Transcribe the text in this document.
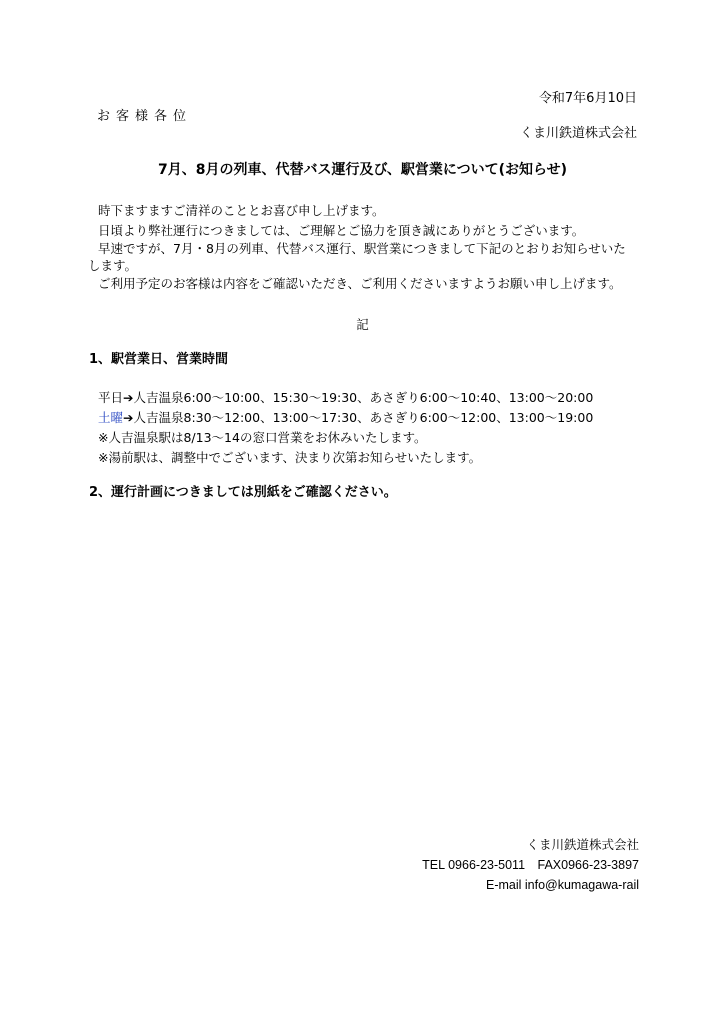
令和7年6月10日
お客様各位
くま川鉄道株式会社
7月、8月の列車、代替バス運行及び、駅営業について(お知らせ)
時下ますますご清祥のこととお喜び申し上げます。
日頃より弊社運行につきましては、ご理解とご協力を頂き誠にありがとうございます。
早速ですが、7月・8月の列車、代替バス運行、駅営業につきまして下記のとおりお知らせいた
します。
ご利用予定のお客様は内容をご確認いただき、ご利用くださいますようお願い申し上げます。
記
1、駅営業日、営業時間
平日➔人吉温泉6:00～10:00、15:30～19:30、あさぎり6:00～10:40、13:00～20:00
土曜➔人吉温泉8:30～12:00、13:00～17:30、あさぎり6:00～12:00、13:00～19:00
※人吉温泉駅は8/13～14の窓口営業をお休みいたします。
※湯前駅は、調整中でございます、決まり次第お知らせいたします。
2、運行計画につきましては別紙をご確認ください。
くま川鉄道株式会社
TEL 0966-23-5011　FAX0966-23-3897
E-mail info@kumagawa-rail
